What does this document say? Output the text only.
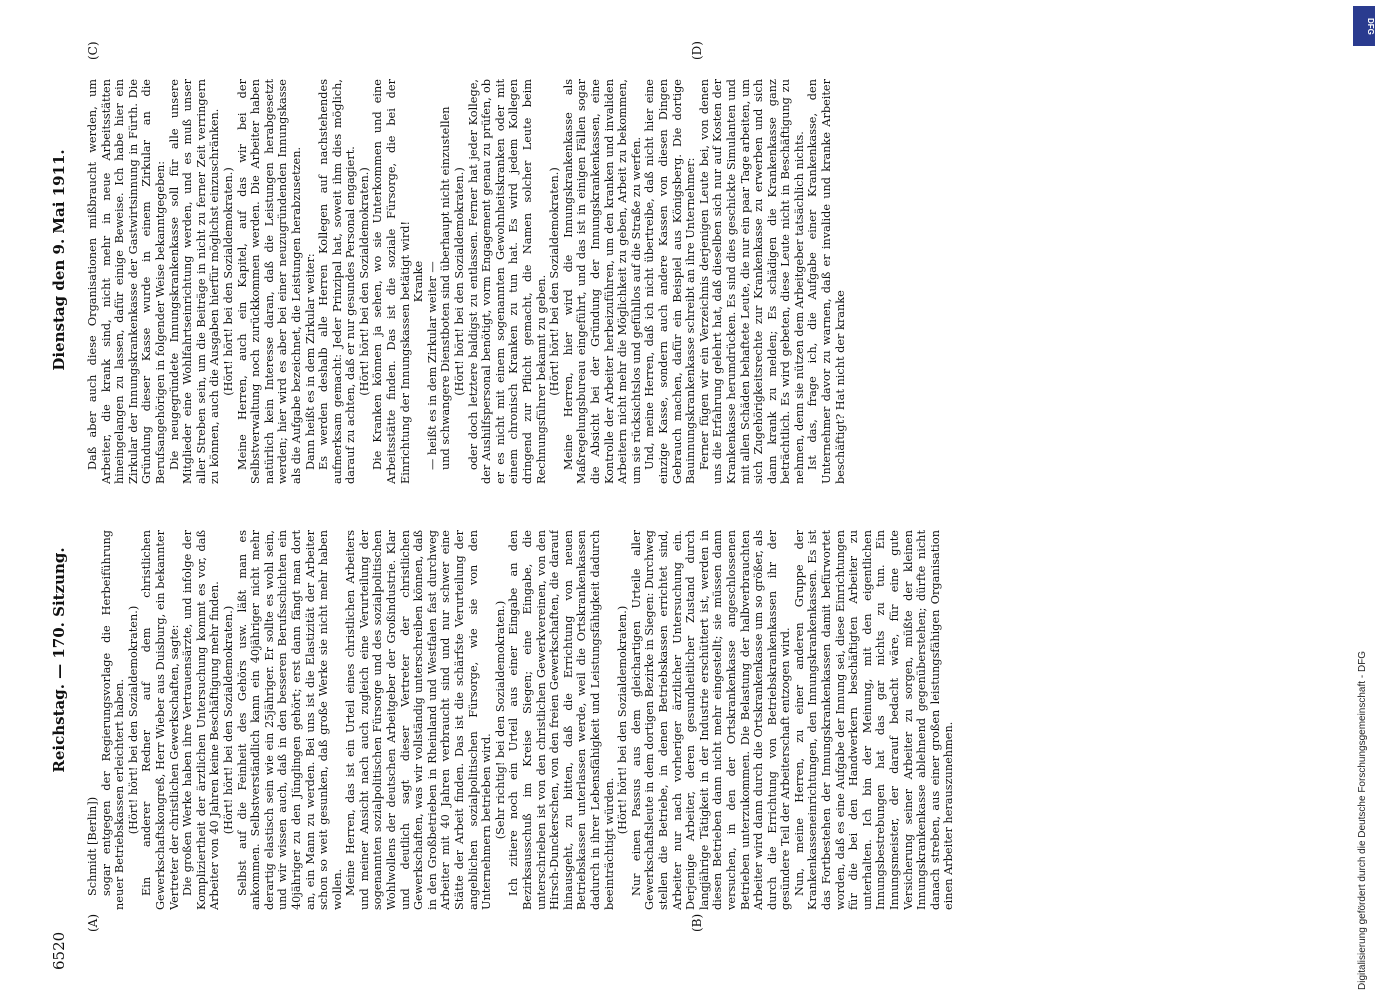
6520
Reichstag. — 170. Sitzung.
Dienstag den 9. Mai 1911.
(A)	(B)
(C)	(D)

Schmidt [Berlin]) sogar entgegen der Regierungsvorlage die Herbeiführung neuer Betriebskassen erleichtert haben. (Hört! hört! bei den Sozialdemokraten.) Ein anderer Redner auf dem christlichen Gewerkschaftskongreß, Herr Wieber aus Duisburg, ein bekannter Vertreter der christlichen Gewerkschaften, sagte: Die großen Werke haben ihre Vertrauensärzte, und infolge der Kompliziertheit der ärztlichen Untersuchung kommt es vor, daß Arbeiter von 40 Jahren keine Beschäftigung mehr finden. (Hört! hört! bei den Sozialdemokraten.) Selbst auf die Feinheit des Gehörs usw. läßt man es ankommen. Selbstverständlich kann ein 40jähriger nicht mehr derartig elastisch sein wie ein 25jähriger. Er sollte es wohl sein, und wir wissen auch, daß in den besseren Berufsschichten ein 40jähriger zu den Jünglingen gehört; erst dann fängt man dort an, ein Mann zu werden. Bei uns ist die Elastizität der Arbeiter schon so weit gesunken, daß große Werke sie nicht mehr haben wollen. Meine Herren, das ist ein Urteil eines christlichen Arbeiters und meiner Ansicht nach auch zugleich eine Verurteilung der sogenannten sozialpolitischen Fürsorge und des sozialpolitischen Wohlwollens der deutschen Arbeitgeber der Großindustrie. Klar und deutlich sagt dieser Vertreter der christlichen Gewerkschaften, was wir vollständig unterschreiben können, daß in den Großbetrieben in Rheinland und Westfalen fast durchweg Arbeiter mit 40 Jahren verbraucht sind und nur schwer eine Stätte der Arbeit finden. Das ist die schärfste Verurteilung der angeblichen sozialpolitischen Fürsorge, wie sie von den Unternehmern betrieben wird. (Sehr richtig! bei den Sozialdemokraten.) Ich zitiere noch ein Urteil aus einer Eingabe an den Bezirksausschuß im Kreise Siegen; eine Eingabe, die unterschrieben ist von den christlichen Gewerkvereinen, von den Hirsch-Dunckerschen, von den freien Gewerkschaften, die darauf hinausgeht, zu bitten, daß die Errichtung von neuen Betriebskassen unterlassen werde, weil die Ortskrankenkassen dadurch in ihrer Lebensfähigkeit und Leistungsfähigkeit dadurch beeinträchtigt würden.

(Hört! hört! bei den Sozialdemokraten.) Nur einen Passus aus dem gleichartigen Urteile aller Gewerkschaftsleute in dem dortigen Bezirke in Siegen: Durchweg stellen die Betriebe, in denen Betriebskassen errichtet sind, Arbeiter nur nach vorheriger ärztlicher Untersuchung ein. Derjenige Arbeiter, deren gesundheitlicher Zustand durch langjährige Tätigkeit in der Industrie erschüttert ist, werden in diesen Betrieben dann nicht mehr eingestellt; sie müssen dann versuchen, in den der Ortskrankenkasse angeschlossenen Betrieben unterzukommen. Die Belastung der halbverbrauchten Arbeiter wird dann durch die Ortskrankenkasse um so größer, als durch die Errichtung von Betriebskrankenkassen ihr der gesündere Teil der Arbeiterschaft entzogen wird. Nun, meine Herren, zu einer anderen Gruppe der Krankenkasseneinrichtungen, den Innungskrankenkassen. Es ist das Fortbestehen der Innungskrankenkassen damit befürwortet worden, daß es eine Aufgabe der Innung sei, diese Einrichtungen für die bei den Handwerkern beschäftigten Arbeiter zu unterhalten. Ich bin der Meinung, mit den eigentlichen Innungsbestrebungen hat das gar nichts zu tun. Ein Innungsmeister, der darauf bedacht wäre, für eine gute Versicherung seiner Arbeiter zu sorgen, müßte der kleinen Innungskrankenkasse ablehnend gegenüberstehen; dürfte nicht danach streben, aus einer großen leistungsfähigen Organisation einen Arbeiter herauszunehmen.

Daß aber auch diese Organisationen mißbraucht werden, um Arbeiter, die krank sind, nicht mehr in neue Arbeitsstätten hineingelangen zu lassen, dafür einige Beweise. Ich habe hier ein Zirkular der Innungskrankenkasse der Gastwirtsinnung in Fürth. Die Gründung dieser Kasse wurde in einem Zirkular an die Berufsangehörigen in folgender Weise bekanntgegeben: Die neugegründete Innungskrankenkasse soll für alle unsere Mitglieder eine Wohlfahrtseinrichtung werden, und es muß unser aller Streben sein, um die Beiträge in nicht zu ferner Zeit verringern zu können, auch die Ausgaben hierfür möglichst einzuschränken. (Hört! hört! bei den Sozialdemokraten.) Meine Herren, auch ein Kapitel, auf das wir bei der Selbstverwaltung noch zurückkommen werden. Die Arbeiter haben natürlich kein Interesse daran, daß die Leistungen herabgesetzt werden; hier wird es aber bei einer neuzugründenden Innungskasse als die Aufgabe bezeichnet, die Leistungen herabzusetzen. Dann heißt es in dem Zirkular weiter: Es werden deshalb alle Herren Kollegen auf nachstehendes aufmerksam gemacht: Jeder Prinzipal hat, soweit ihm dies möglich, darauf zu achten, daß er nur gesundes Personal engagiert. (Hört! hört! bei den Sozialdemokraten.) Die Kranken können ja sehen, wo sie Unterkommen und eine Arbeitsstätte finden. Das ist die soziale Fürsorge, die bei der Einrichtung der Innungskassen betätigt wird! Kranke — heißt es in dem Zirkular weiter — und schwangere Dienstboten sind überhaupt nicht einzustellen (Hört! hört! bei den Sozialdemokraten.) oder doch letztere baldigst zu entlassen. Ferner hat jeder Kollege, der Aushilfspersonal benötigt, vorm Engagement genau zu prüfen, ob er es nicht mit einem sogenannten Gewohnheitskranken oder mit einem chronisch Kranken zu tun hat. Es wird jedem Kollegen dringend zur Pflicht gemacht, die Namen solcher Leute beim Rechnungsführer bekannt zu geben. (Hört! hört! bei den Sozialdemokraten.) Meine Herren, hier wird die Innungskrankenkasse als Maßregelungsbureau eingeführt, und das ist in einigen Fällen sogar die Absicht bei der Gründung der Innungskrankenkassen, eine Kontrolle der Arbeiter herbeizuführen, um den kranken und invaliden Arbeitern nicht mehr die Möglichkeit zu geben, Arbeit zu bekommen, um sie rücksichtslos und gefühllos auf die Straße zu werfen. Und, meine Herren, daß ich nicht übertreibe, daß nicht hier eine einzige Kasse, sondern auch andere Kassen von diesen Dingen Gebrauch machen, dafür ein Beispiel aus Königsberg. Die dortige Bauinnungskrankenkasse schreibt an ihre Unternehmer: Ferner fügen wir ein Verzeichnis derjenigen Leute bei, von denen uns die Erfahrung gelehrt hat, daß dieselben sich nur auf Kosten der Krankenkasse herumdrücken. Es sind dies geschickte Simulanten und mit allen Schäden behaftete Leute, die nur ein paar Tage arbeiten, um sich Zugehörigkeitsrechte zur Krankenkasse zu erwerben und sich dann krank zu melden; Es schädigen die Krankenkasse ganz beträchtlich. Es wird gebeten, diese Leute nicht in Beschäftigung zu nehmen, denn sie nützen dem Arbeitgeber tatsächlich nichts. Ist das, frage ich, die Aufgabe einer Krankenkasse, den Unternehmer davor zu warnen, daß er invalide und kranke Arbeiter beschäftigt? Hat nicht der kranke

DFG
Digitalisierung gefördert durch die Deutsche Forschungsgemeinschaft - DFG
